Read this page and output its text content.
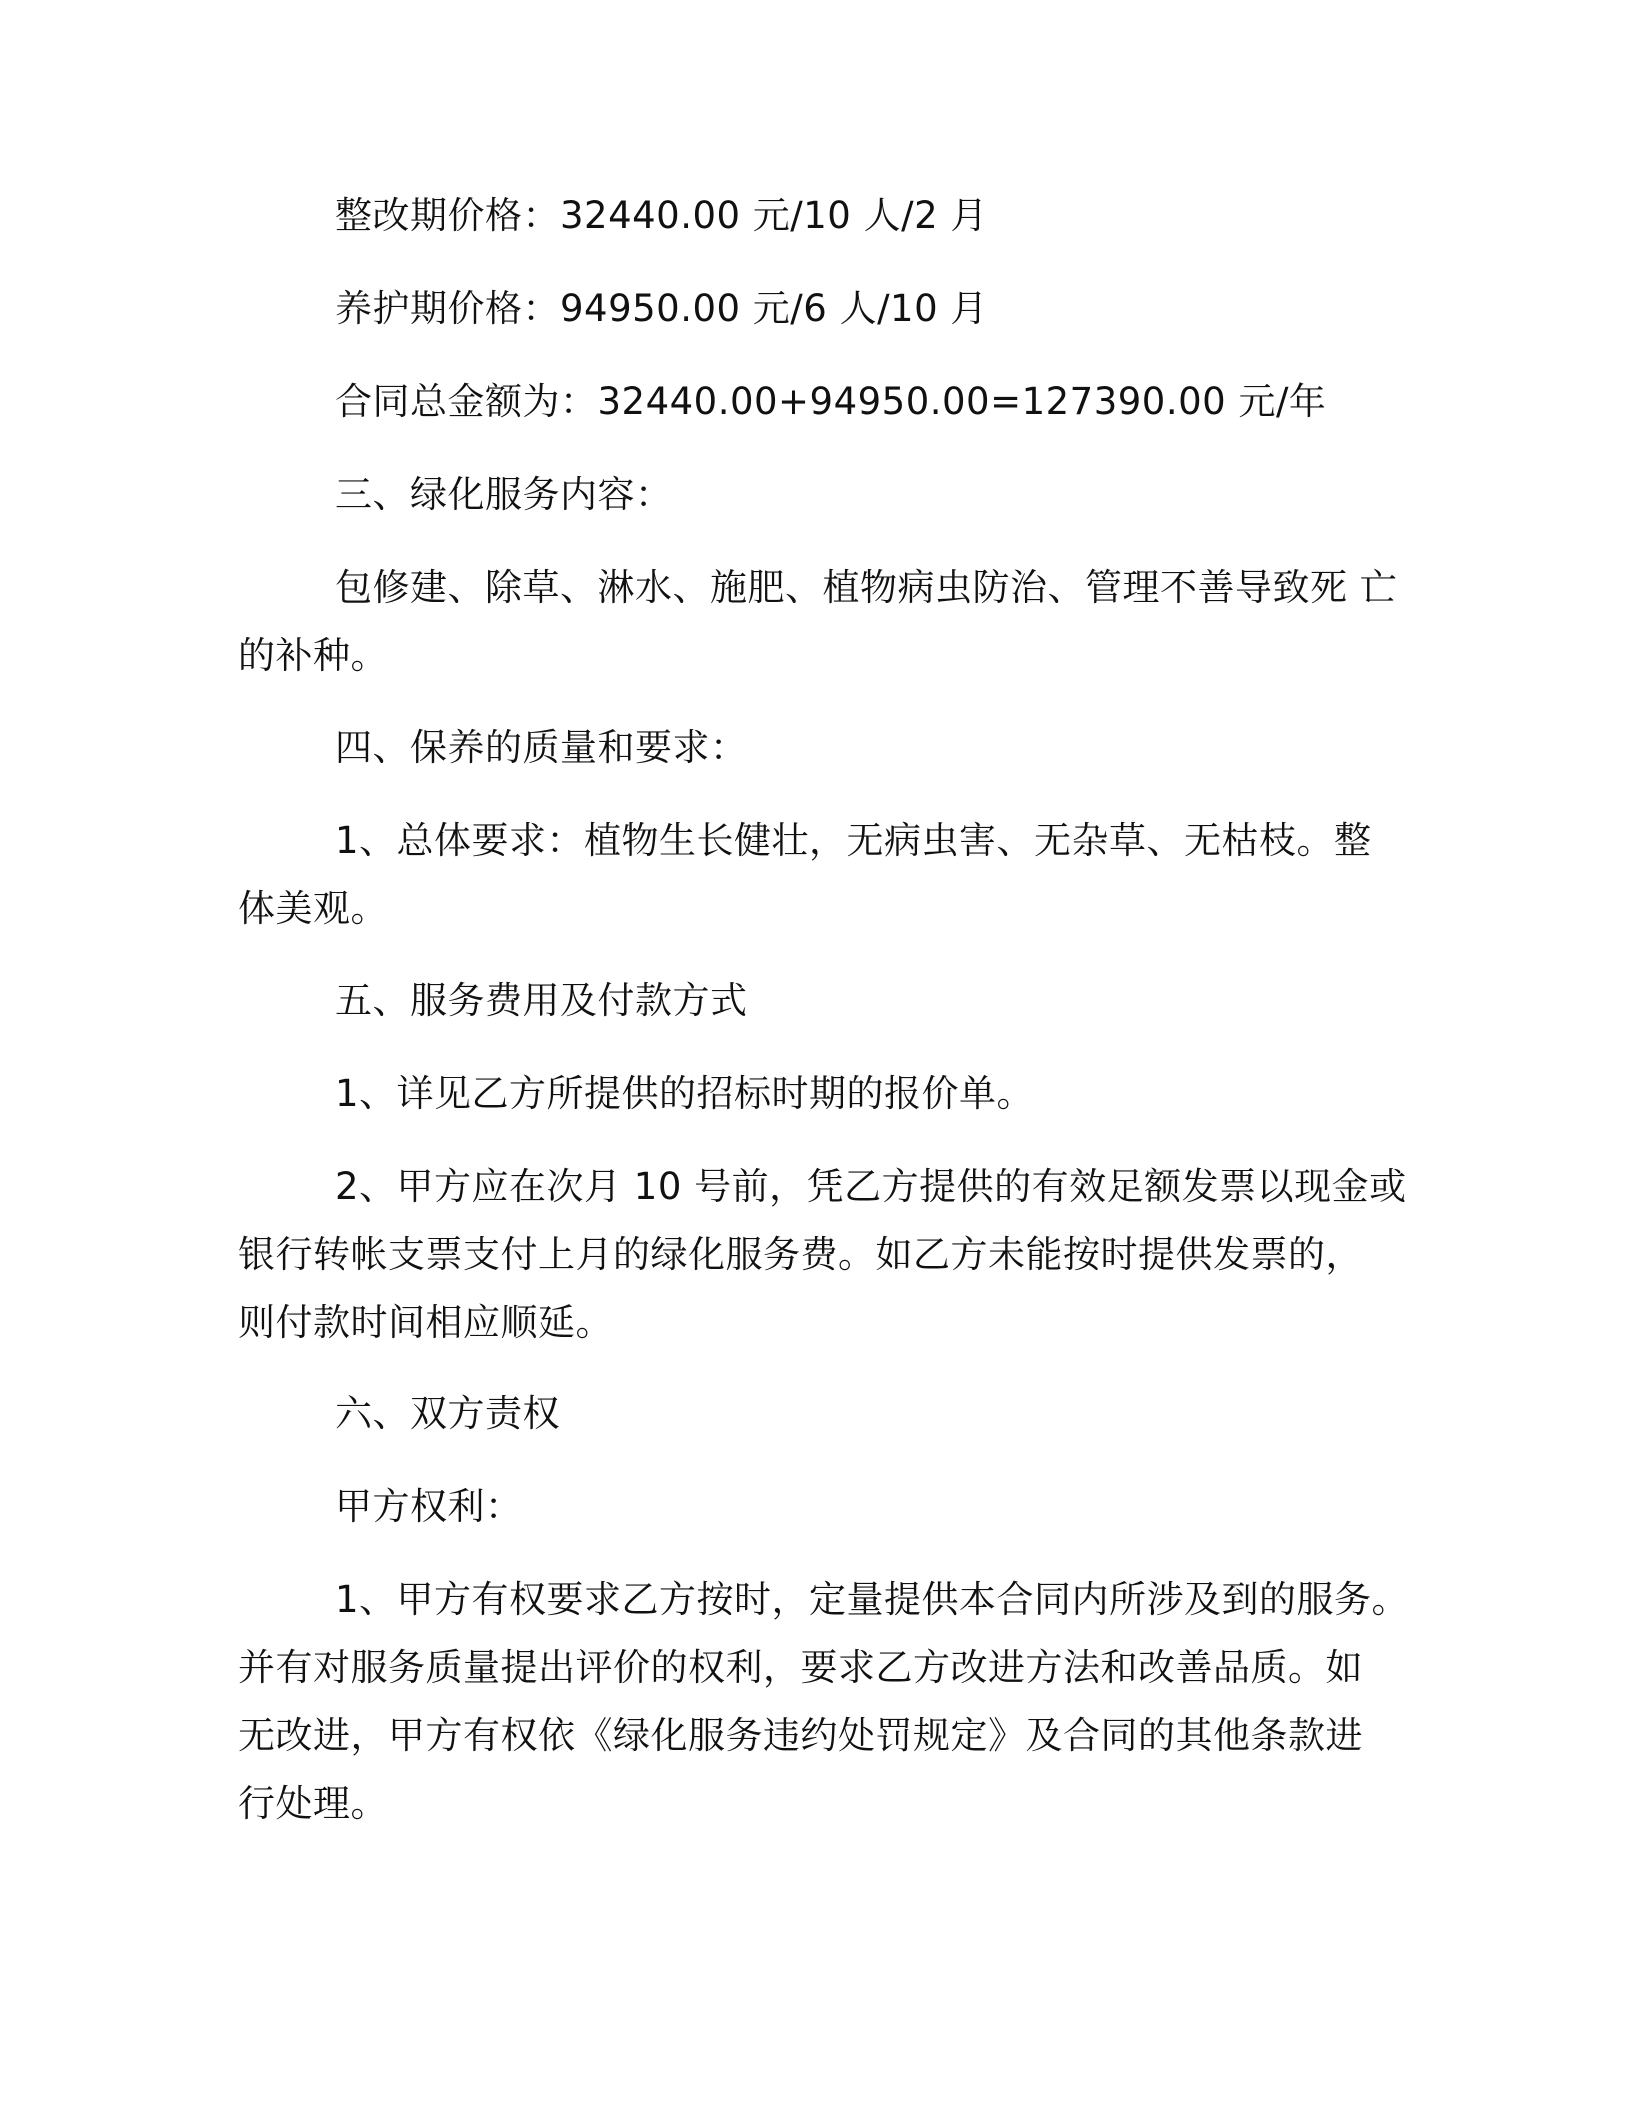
整改期价格：32440.00 元/10 人/2 月
养护期价格：94950.00 元/6 人/10 月
合同总金额为：32440.00+94950.00=127390.00 元/年
三、绿化服务内容：
包修建、除草、淋水、施肥、植物病虫防治、管理不善导致死 亡
的补种。
四、保养的质量和要求：
1、总体要求：植物生长健壮，无病虫害、无杂草、无枯枝。整
体美观。
五、服务费用及付款方式
1、详见乙方所提供的招标时期的报价单。
2、甲方应在次月 10 号前，凭乙方提供的有效足额发票以现金或
银行转帐支票支付上月的绿化服务费。如乙方未能按时提供发票的，
则付款时间相应顺延。
六、双方责权
甲方权利：
1、甲方有权要求乙方按时，定量提供本合同内所涉及到的服务。
并有对服务质量提出评价的权利，要求乙方改进方法和改善品质。如
无改进，甲方有权依《绿化服务违约处罚规定》及合同的其他条款进
行处理。
